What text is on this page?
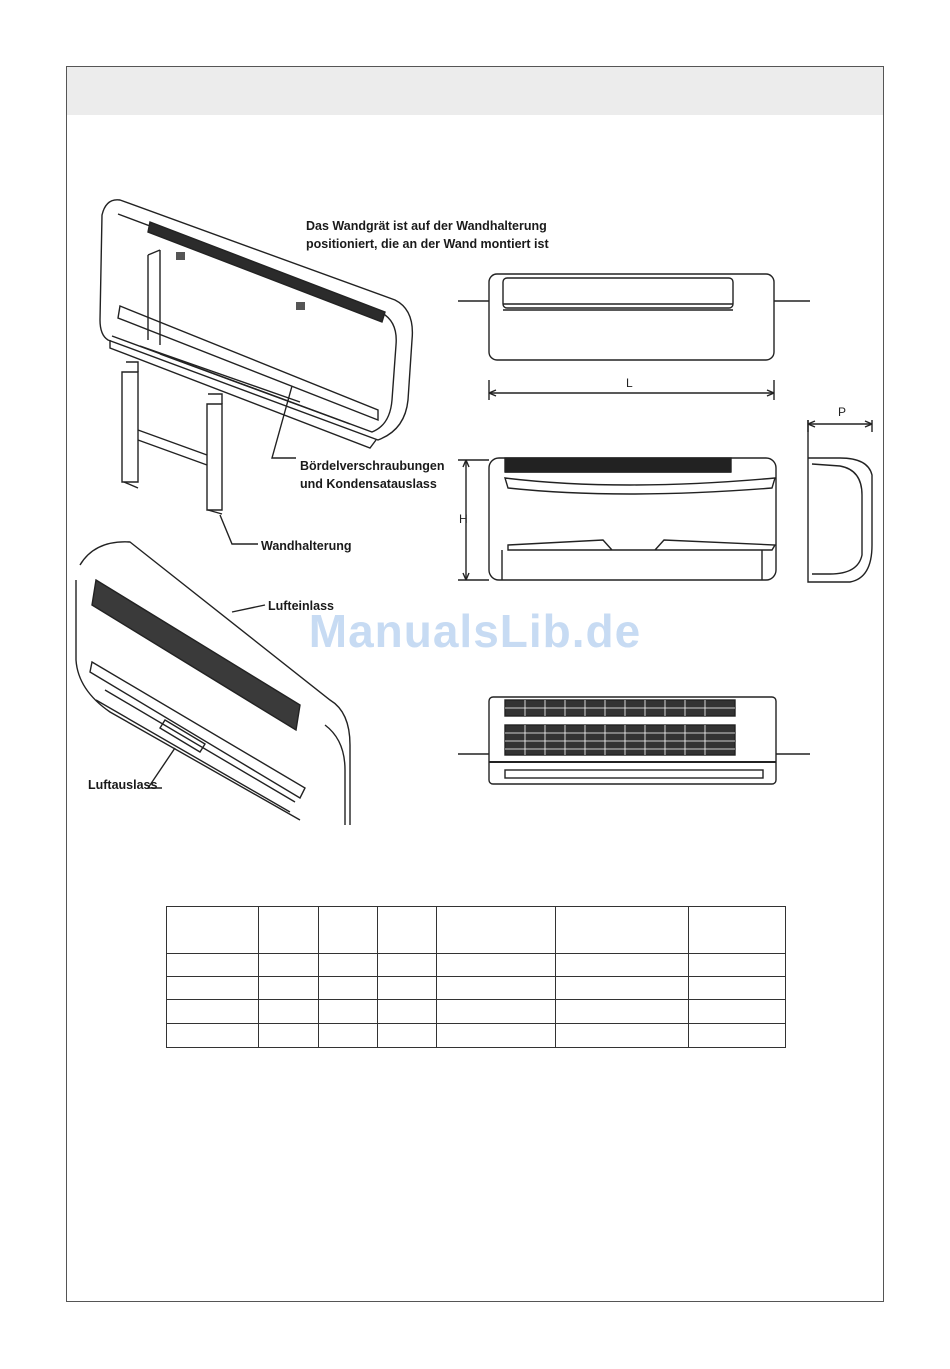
Das Wandgrät ist auf der Wandhalterung
positioniert, die an der Wand montiert ist
Bördelverschraubungen
und Kondensatauslass
Wandhalterung
Lufteinlass
Luftauslass
L
H
P
ManualsLib.de
